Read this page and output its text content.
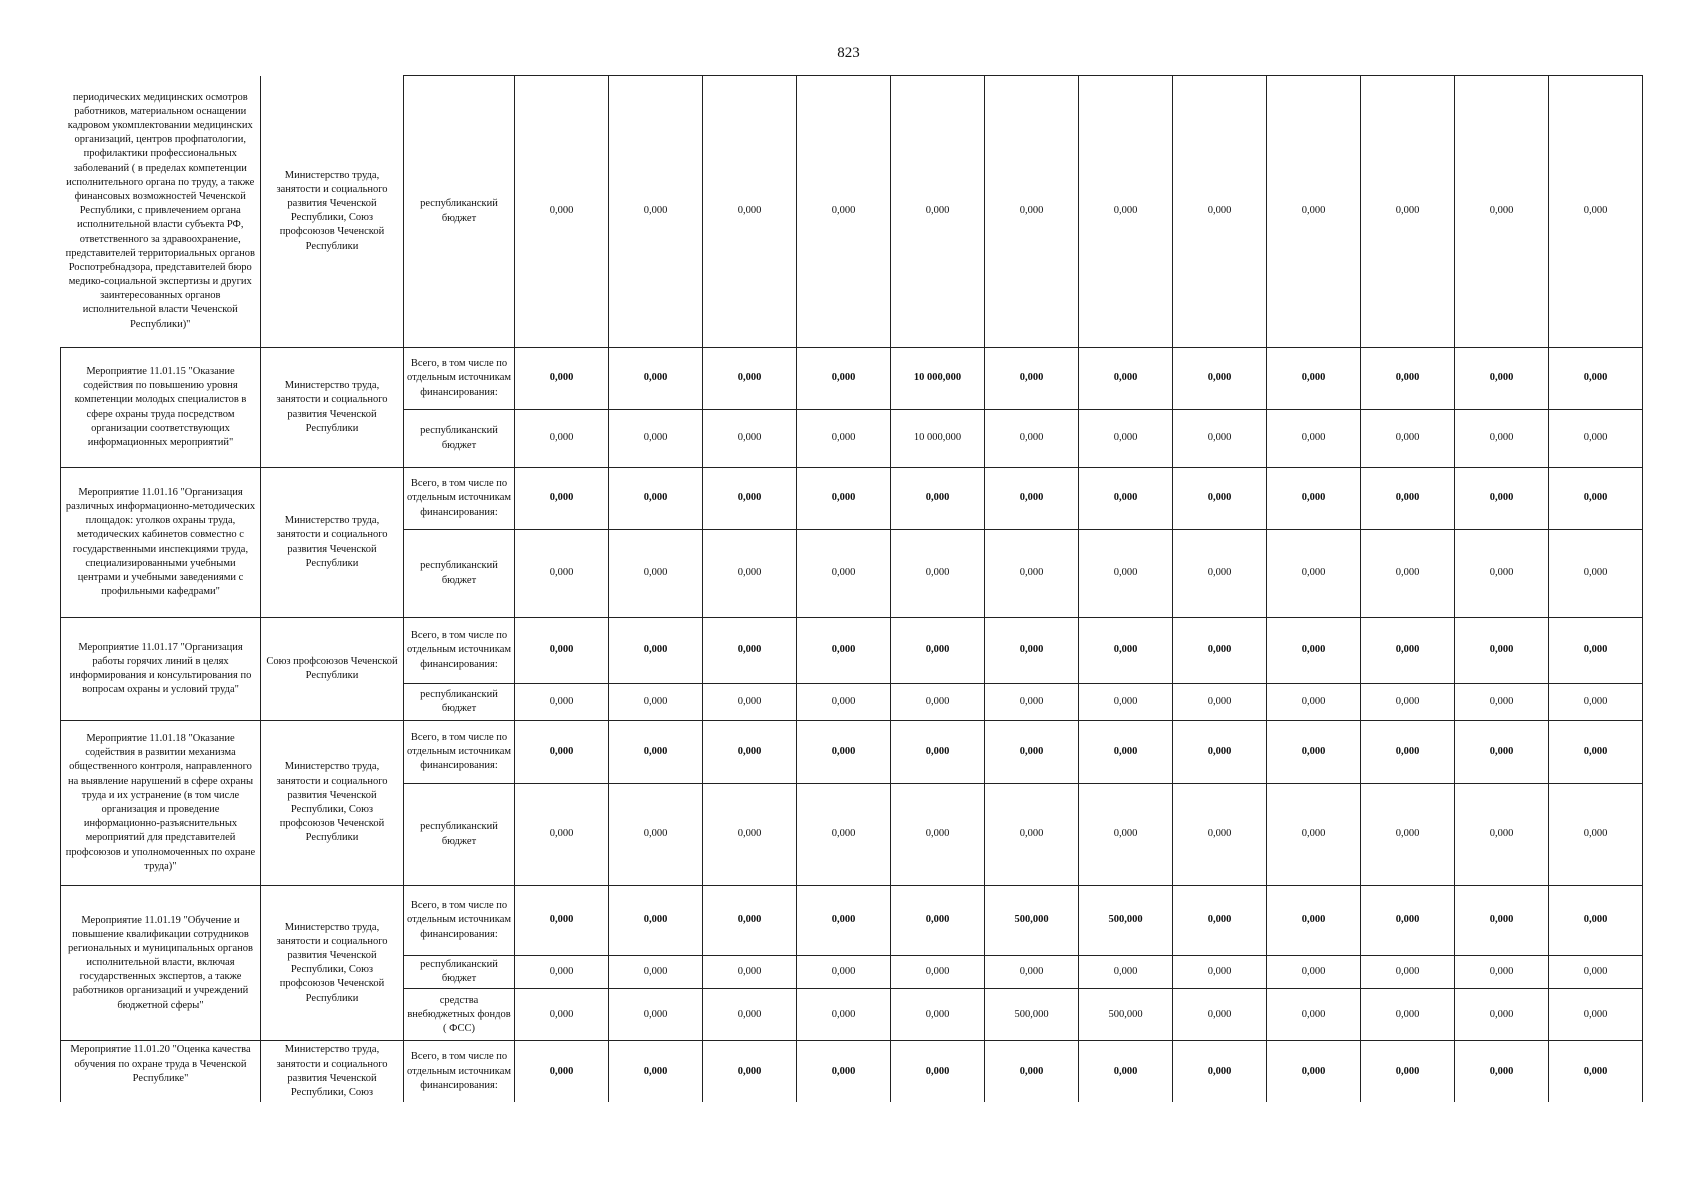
823
периодических медицинских осмотров работников, материальном оснащении кадровом укомплектовании медицинских организаций, центров профпатологии, профилактики профессиональных заболеваний ( в пределах компетенции исполнительного органа по труду, а также финансовых возможностей Чеченской Республики, с привлечением органа исполнительной власти субъекта РФ, ответственного за здравоохранение, представителей территориальных органов Роспотребнадзора, представителей бюро медико-социальной экспертизы и других заинтересованных органов исполнительной власти Чеченской Республики)"	Министерство труда, занятости и социального развития Чеченской Республики, Союз профсоюзов Чеченской Республики	республиканский бюджет	0,000	0,000	0,000	0,000	0,000	0,000	0,000	0,000	0,000	0,000	0,000	0,000
Мероприятие 11.01.15 "Оказание содействия по повышению уровня компетенции молодых специалистов в сфере охраны труда посредством организации соответствующих информационных мероприятий"	Министерство труда, занятости и социального развития Чеченской Республики	Всего, в том числе по отдельным источникам финансирования:	0,000	0,000	0,000	0,000	10 000,000	0,000	0,000	0,000	0,000	0,000	0,000	0,000
		республиканский бюджет	0,000	0,000	0,000	0,000	10 000,000	0,000	0,000	0,000	0,000	0,000	0,000	0,000
Мероприятие 11.01.16 "Организация различных информационно-методических площадок: уголков охраны труда, методических кабинетов совместно с государственными инспекциями труда, специализированными учебными центрами и учебными заведениями с профильными кафедрами"	Министерство труда, занятости и социального развития Чеченской Республики	Всего, в том числе по отдельным источникам финансирования:	0,000	0,000	0,000	0,000	0,000	0,000	0,000	0,000	0,000	0,000	0,000	0,000
		республиканский бюджет	0,000	0,000	0,000	0,000	0,000	0,000	0,000	0,000	0,000	0,000	0,000	0,000
Мероприятие 11.01.17 "Организация работы горячих линий в целях информирования и консультирования по вопросам охраны и условий труда"	Союз профсоюзов Чеченской Республики	Всего, в том числе по отдельным источникам финансирования:	0,000	0,000	0,000	0,000	0,000	0,000	0,000	0,000	0,000	0,000	0,000	0,000
		республиканский бюджет	0,000	0,000	0,000	0,000	0,000	0,000	0,000	0,000	0,000	0,000	0,000	0,000
Мероприятие 11.01.18 "Оказание содействия в развитии механизма общественного контроля, направленного на выявление нарушений в сфере охраны труда и их устранение (в том числе организация и проведение информационно-разъяснительных мероприятий для представителей профсоюзов и уполномоченных по охране труда)"	Министерство труда, занятости и социального развития Чеченской Республики, Союз профсоюзов Чеченской Республики	Всего, в том числе по отдельным источникам финансирования:	0,000	0,000	0,000	0,000	0,000	0,000	0,000	0,000	0,000	0,000	0,000	0,000
		республиканский бюджет	0,000	0,000	0,000	0,000	0,000	0,000	0,000	0,000	0,000	0,000	0,000	0,000
Мероприятие 11.01.19 "Обучение и повышение квалификации сотрудников региональных и муниципальных органов исполнительной власти, включая государственных экспертов, а также работников организаций и учреждений бюджетной сферы"	Министерство труда, занятости и социального развития Чеченской Республики, Союз профсоюзов Чеченской Республики	Всего, в том числе по отдельным источникам финансирования:	0,000	0,000	0,000	0,000	0,000	500,000	500,000	0,000	0,000	0,000	0,000	0,000
		республиканский бюджет	0,000	0,000	0,000	0,000	0,000	0,000	0,000	0,000	0,000	0,000	0,000	0,000
		средства внебюджетных фондов ( ФСС)	0,000	0,000	0,000	0,000	0,000	500,000	500,000	0,000	0,000	0,000	0,000	0,000
Мероприятие 11.01.20 "Оценка качества обучения по охране труда в Чеченской Республике"	Министерство труда, занятости и социального развития Чеченской Республики, Союз	Всего, в том числе по отдельным источникам финансирования:	0,000	0,000	0,000	0,000	0,000	0,000	0,000	0,000	0,000	0,000	0,000	0,000
